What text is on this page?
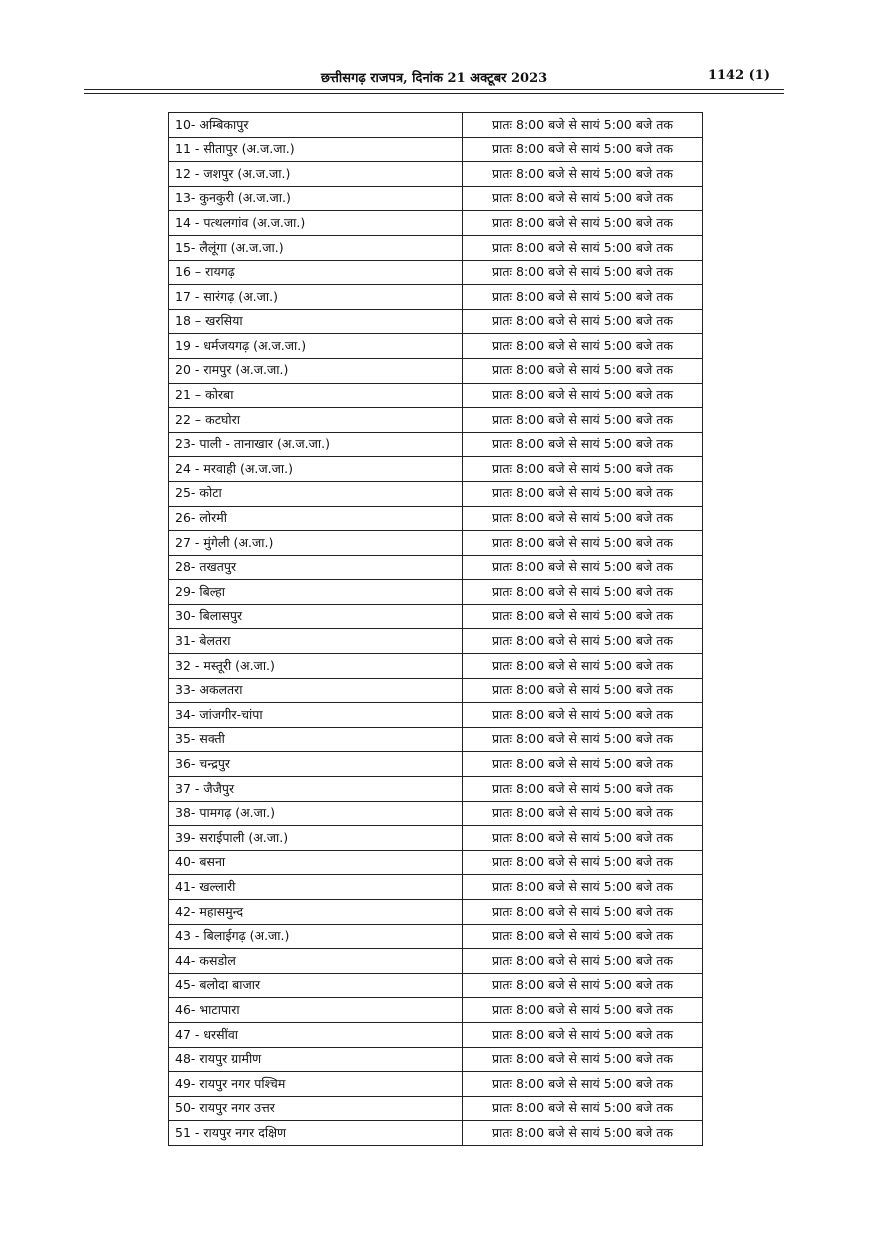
छत्तीसगढ़ राजपत्र, दिनांक 21 अक्टूबर 2023	1142 (1)
10- अम्बिकापुर	प्रातः 8:00 बजे से सायं 5:00 बजे तक
11 - सीतापुर (अ.ज.जा.)	प्रातः 8:00 बजे से सायं 5:00 बजे तक
12 - जशपुर (अ.ज.जा.)	प्रातः 8:00 बजे से सायं 5:00 बजे तक
13- कुनकुरी (अ.ज.जा.)	प्रातः 8:00 बजे से सायं 5:00 बजे तक
14 - पत्थलगांव (अ.ज.जा.)	प्रातः 8:00 बजे से सायं 5:00 बजे तक
15- लैलूंगा (अ.ज.जा.)	प्रातः 8:00 बजे से सायं 5:00 बजे तक
16 – रायगढ़	प्रातः 8:00 बजे से सायं 5:00 बजे तक
17 - सारंगढ़ (अ.जा.)	प्रातः 8:00 बजे से सायं 5:00 बजे तक
18 – खरसिया	प्रातः 8:00 बजे से सायं 5:00 बजे तक
19 - धर्मजयगढ़ (अ.ज.जा.)	प्रातः 8:00 बजे से सायं 5:00 बजे तक
20 - रामपुर (अ.ज.जा.)	प्रातः 8:00 बजे से सायं 5:00 बजे तक
21 – कोरबा	प्रातः 8:00 बजे से सायं 5:00 बजे तक
22 – कटघोरा	प्रातः 8:00 बजे से सायं 5:00 बजे तक
23- पाली - तानाखार (अ.ज.जा.)	प्रातः 8:00 बजे से सायं 5:00 बजे तक
24 - मरवाही (अ.ज.जा.)	प्रातः 8:00 बजे से सायं 5:00 बजे तक
25- कोटा	प्रातः 8:00 बजे से सायं 5:00 बजे तक
26- लोरमी	प्रातः 8:00 बजे से सायं 5:00 बजे तक
27 - मुंगेली (अ.जा.)	प्रातः 8:00 बजे से सायं 5:00 बजे तक
28- तखतपुर	प्रातः 8:00 बजे से सायं 5:00 बजे तक
29- बिल्हा	प्रातः 8:00 बजे से सायं 5:00 बजे तक
30- बिलासपुर	प्रातः 8:00 बजे से सायं 5:00 बजे तक
31- बेलतरा	प्रातः 8:00 बजे से सायं 5:00 बजे तक
32 - मस्तूरी (अ.जा.)	प्रातः 8:00 बजे से सायं 5:00 बजे तक
33- अकलतरा	प्रातः 8:00 बजे से सायं 5:00 बजे तक
34- जांजगीर-चांपा	प्रातः 8:00 बजे से सायं 5:00 बजे तक
35- सक्ती	प्रातः 8:00 बजे से सायं 5:00 बजे तक
36- चन्द्रपुर	प्रातः 8:00 बजे से सायं 5:00 बजे तक
37 - जैजैपुर	प्रातः 8:00 बजे से सायं 5:00 बजे तक
38- पामगढ़ (अ.जा.)	प्रातः 8:00 बजे से सायं 5:00 बजे तक
39- सराईपाली (अ.जा.)	प्रातः 8:00 बजे से सायं 5:00 बजे तक
40- बसना	प्रातः 8:00 बजे से सायं 5:00 बजे तक
41- खल्लारी	प्रातः 8:00 बजे से सायं 5:00 बजे तक
42- महासमुन्द	प्रातः 8:00 बजे से सायं 5:00 बजे तक
43 - बिलाईगढ़ (अ.जा.)	प्रातः 8:00 बजे से सायं 5:00 बजे तक
44- कसडोल	प्रातः 8:00 बजे से सायं 5:00 बजे तक
45- बलोदा बाजार	प्रातः 8:00 बजे से सायं 5:00 बजे तक
46- भाटापारा	प्रातः 8:00 बजे से सायं 5:00 बजे तक
47 - धरसींवा	प्रातः 8:00 बजे से सायं 5:00 बजे तक
48- रायपुर ग्रामीण	प्रातः 8:00 बजे से सायं 5:00 बजे तक
49- रायपुर नगर पश्चिम	प्रातः 8:00 बजे से सायं 5:00 बजे तक
50- रायपुर नगर उत्तर	प्रातः 8:00 बजे से सायं 5:00 बजे तक
51 - रायपुर नगर दक्षिण	प्रातः 8:00 बजे से सायं 5:00 बजे तक
